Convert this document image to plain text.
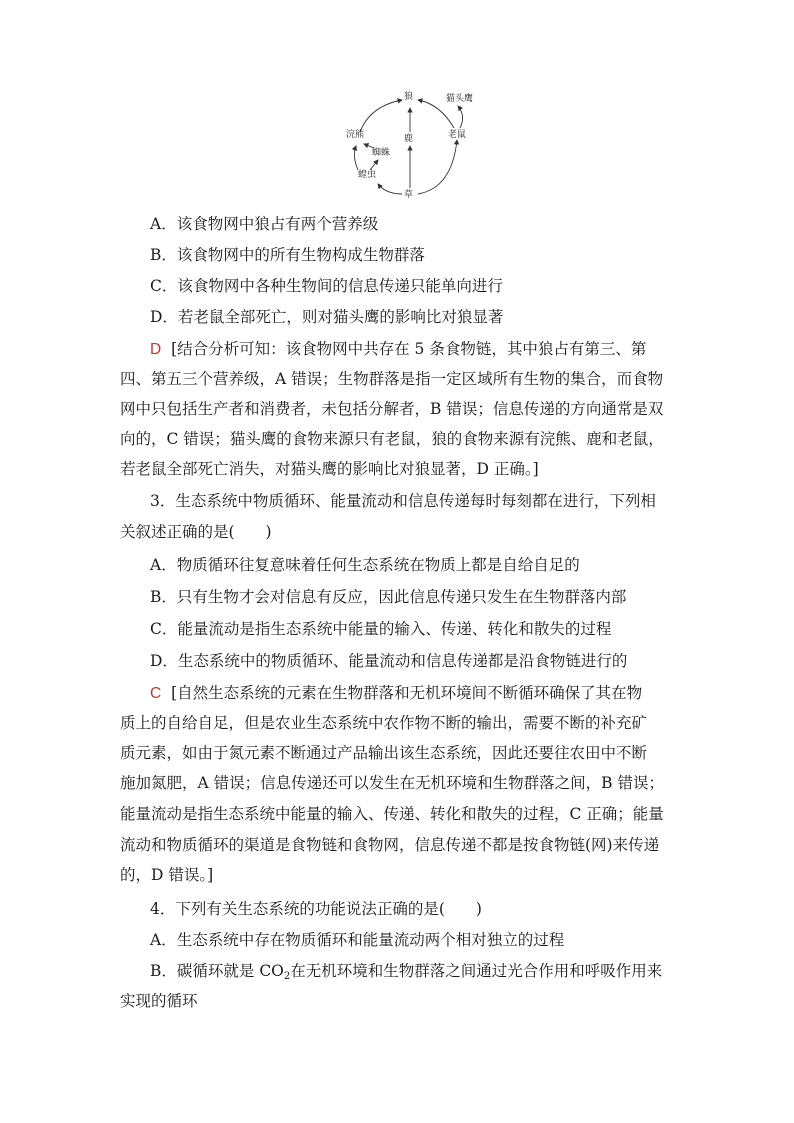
狼	猫头鹰
浣熊	鹿	老鼠
蜘蛛
蝗虫
草
A．该食物网中狼占有两个营养级
B．该食物网中的所有生物构成生物群落
C．该食物网中各种生物间的信息传递只能单向进行
D．若老鼠全部死亡，则对猫头鹰的影响比对狼显著
D [结合分析可知：该食物网中共存在 5 条食物链，其中狼占有第三、第
四、第五三个营养级，A 错误；生物群落是指一定区域所有生物的集合，而食物
网中只包括生产者和消费者，未包括分解者，B 错误；信息传递的方向通常是双
向的，C 错误；猫头鹰的食物来源只有老鼠，狼的食物来源有浣熊、鹿和老鼠，
若老鼠全部死亡消失，对猫头鹰的影响比对狼显著，D 正确。]
3．生态系统中物质循环、能量流动和信息传递每时每刻都在进行，下列相
关叙述正确的是(　　)
A．物质循环往复意味着任何生态系统在物质上都是自给自足的
B．只有生物才会对信息有反应，因此信息传递只发生在生物群落内部
C．能量流动是指生态系统中能量的输入、传递、转化和散失的过程
D．生态系统中的物质循环、能量流动和信息传递都是沿食物链进行的
C [自然生态系统的元素在生物群落和无机环境间不断循环确保了其在物
质上的自给自足，但是农业生态系统中农作物不断的输出，需要不断的补充矿
质元素，如由于氮元素不断通过产品输出该生态系统，因此还要往农田中不断
施加氮肥，A 错误；信息传递还可以发生在无机环境和生物群落之间，B 错误；
能量流动是指生态系统中能量的输入、传递、转化和散失的过程，C 正确；能量
流动和物质循环的渠道是食物链和食物网，信息传递不都是按食物链(网)来传递
的，D 错误。]
4．下列有关生态系统的功能说法正确的是(　　)
A．生态系统中存在物质循环和能量流动两个相对独立的过程
B．碳循环就是 $CO_2$在无机环境和生物群落之间通过光合作用和呼吸作用来
实现的循环
